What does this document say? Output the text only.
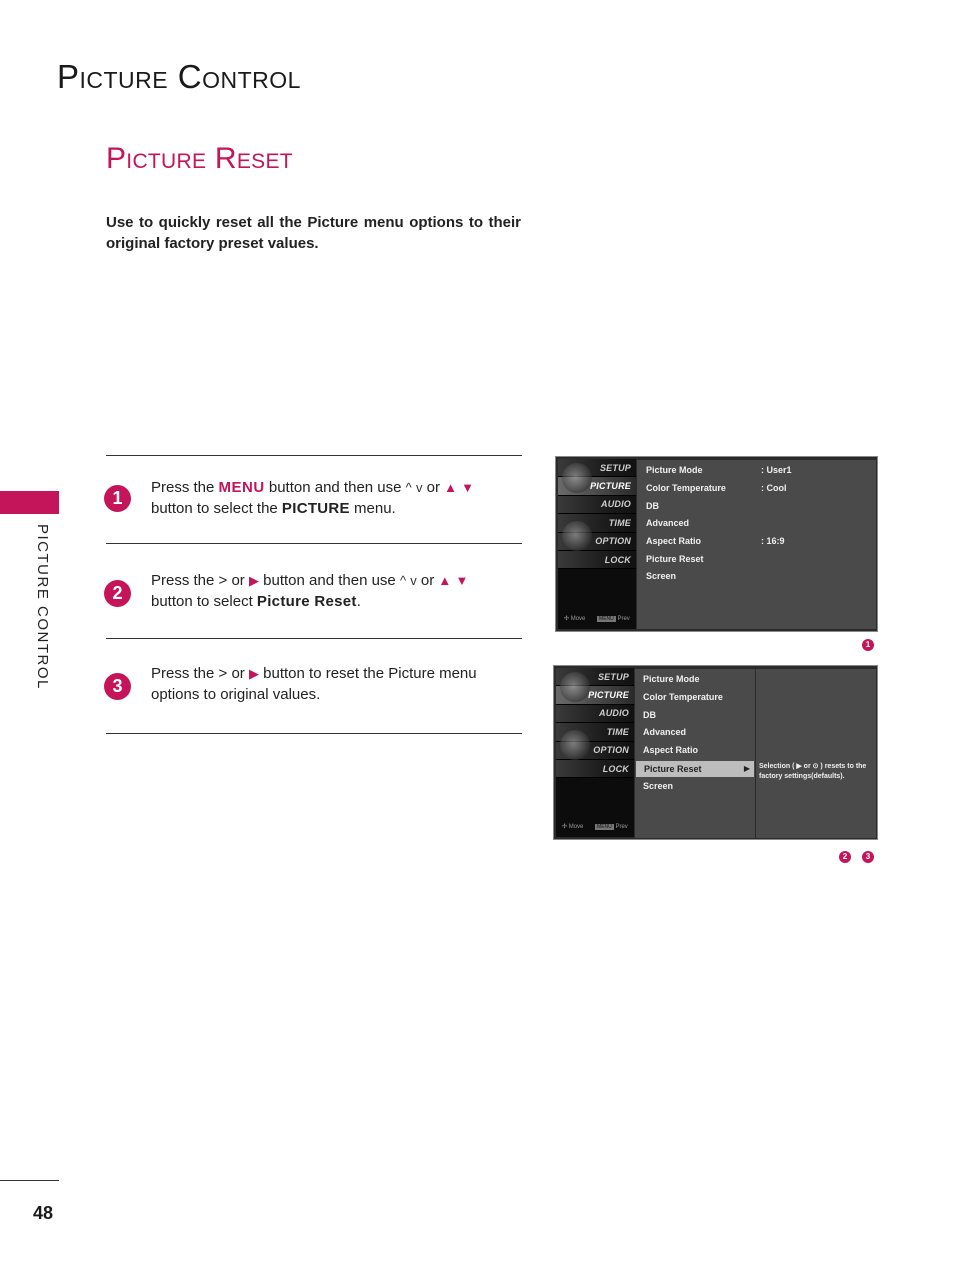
Picture Control
Picture Reset
Use to quickly reset all the Picture menu options to their original factory preset values.
PICTURE CONTROL
48
1
Press the MENU button and then use ^ v or ▲ ▼
button to select the PICTURE menu.
2
Press the > or ▶ button and then use ^ v or ▲ ▼
button to select Picture Reset.
3
Press the > or ▶ button to reset the Picture menu
options to original values.
SETUP
PICTURE
AUDIO
TIME
OPTION
LOCK
✣ Move	MENU Prev
Picture Mode	: User1
Color Temperature	: Cool
DB
Advanced
Aspect Ratio	: 16:9
Picture Reset
Screen
1
SETUP
PICTURE
AUDIO
TIME
OPTION
LOCK
✣ Move	MENU Prev
Picture Mode
Color Temperature
DB
Advanced
Aspect Ratio
Picture Reset	▶
Screen
Selection ( ▶ or ⊙ ) resets to the factory settings(defaults).
2	3
